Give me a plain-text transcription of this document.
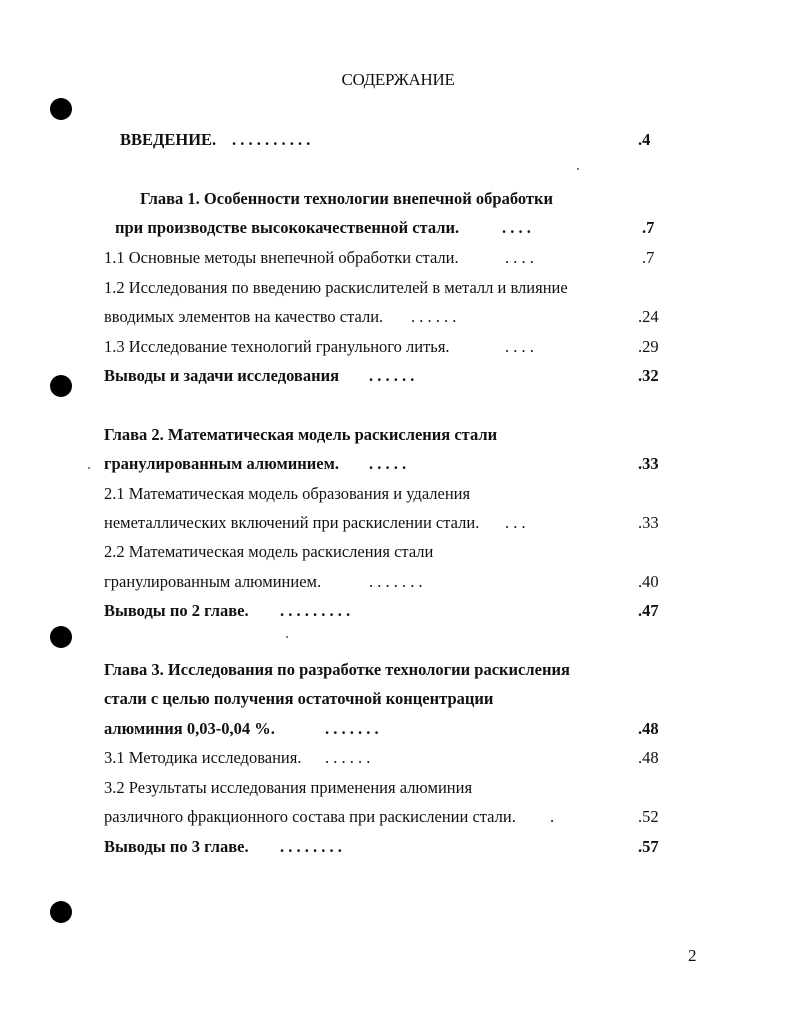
СОДЕРЖАНИЕ
ВВЕДЕНИЕ. . . . . . . . . . .	.4
Глава 1. Особенности технологии внепечной обработки
при производстве высококачественной стали.	. . . .	.7
1.1 Основные методы внепечной обработки стали.	. . . .	.7
1.2 Исследования по введению раскислителей в металл и влияние
вводимых элементов на качество стали. . . . . . .	.24
1.3 Исследование технологий гранульного литья.	. . . .	.29
Выводы и задачи исследования . . . . . .	.32
Глава 2. Математическая модель раскисления стали
гранулированным алюминием. . . . . .	.33
2.1 Математическая модель образования и удаления
неметаллических включений при раскислении стали. . . .	.33
2.2 Математическая модель раскисления стали
гранулированным алюминием.	. . . . . . .	.40
Выводы по 2 главе. . . . . . . . . .	.47
Глава 3. Исследования по разработке технологии раскисления
стали с целью получения остаточной концентрации
алюминия 0,03-0,04 %.	. . . . . . .	.48
3.1 Методика исследования. . . . . . .	.48
3.2 Результаты исследования применения алюминия
различного фракционного состава при раскислении стали. .	.52
Выводы по 3 главе. . . . . . . . .	.57
2
